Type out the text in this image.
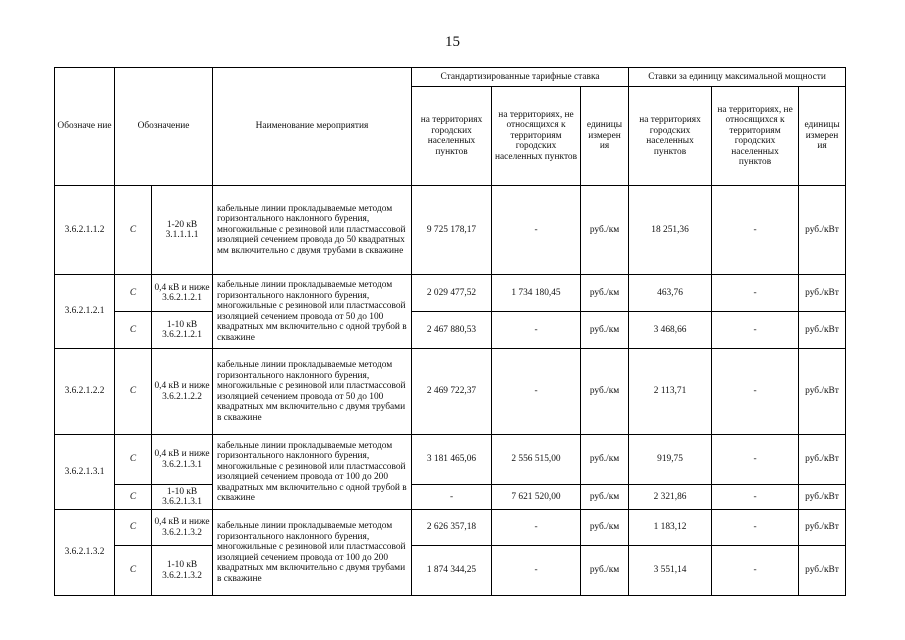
15
Обозначе ние	Обозначение		Наименование мероприятия	Стандартизированные тарифные ставка			Ставки за единицу максимальной мощности		
				на территориях городских населенных пунктов	на территориях, не относящихся к территориям городских населенных пунктов	единицы измерен ия	на территориях городских населенных пунктов	на территориях, не относящихся к территориям городских населенных пунктов	единицы измерен ия
3.6.2.1.1.2	С	1-20 кВ 3.1.1.1.1	кабельные линии прокладываемые методом горизонтального наклонного бурения, многожильные с резиновой или пластмассовой изоляцией сечением провода до 50 квадратных мм включительно с двумя трубами в скважине	9 725 178,17	-	руб./км	18 251,36	-	руб./кВт
3.6.2.1.2.1	С	0,4 кВ и ниже 3.6.2.1.2.1	кабельные линии прокладываемые методом горизонтального наклонного бурения, многожильные с резиновой или пластмассовой изоляцией сечением провода от 50 до 100 квадратных мм включительно с одной трубой в скважине	2 029 477,52	1 734 180,45	руб./км	463,76	-	руб./кВт
	С	1-10 кВ 3.6.2.1.2.1		2 467 880,53	-	руб./км	3 468,66	-	руб./кВт
3.6.2.1.2.2	С	0,4 кВ и ниже 3.6.2.1.2.2	кабельные линии прокладываемые методом горизонтального наклонного бурения, многожильные с резиновой или пластмассовой изоляцией сечением провода от 50 до 100 квадратных мм включительно с двумя трубами в скважине	2 469 722,37	-	руб./км	2 113,71	-	руб./кВт
3.6.2.1.3.1	С	0,4 кВ и ниже 3.6.2.1.3.1	кабельные линии прокладываемые методом горизонтального наклонного бурения, многожильные с резиновой или пластмассовой изоляцией сечением провода от 100 до 200 квадратных мм включительно с одной трубой в скважине	3 181 465,06	2 556 515,00	руб./км	919,75	-	руб./кВт
	С	1-10 кВ 3.6.2.1.3.1		-	7 621 520,00	руб./км	2 321,86	-	руб./кВт
3.6.2.1.3.2	С	0,4 кВ и ниже 3.6.2.1.3.2	кабельные линии прокладываемые методом горизонтального наклонного бурения, многожильные с резиновой или пластмассовой изоляцией сечением провода от 100 до 200 квадратных мм включительно с двумя трубами в скважине	2 626 357,18	-	руб./км	1 183,12	-	руб./кВт
	С	1-10 кВ 3.6.2.1.3.2		1 874 344,25	-	руб./км	3 551,14	-	руб./кВт
